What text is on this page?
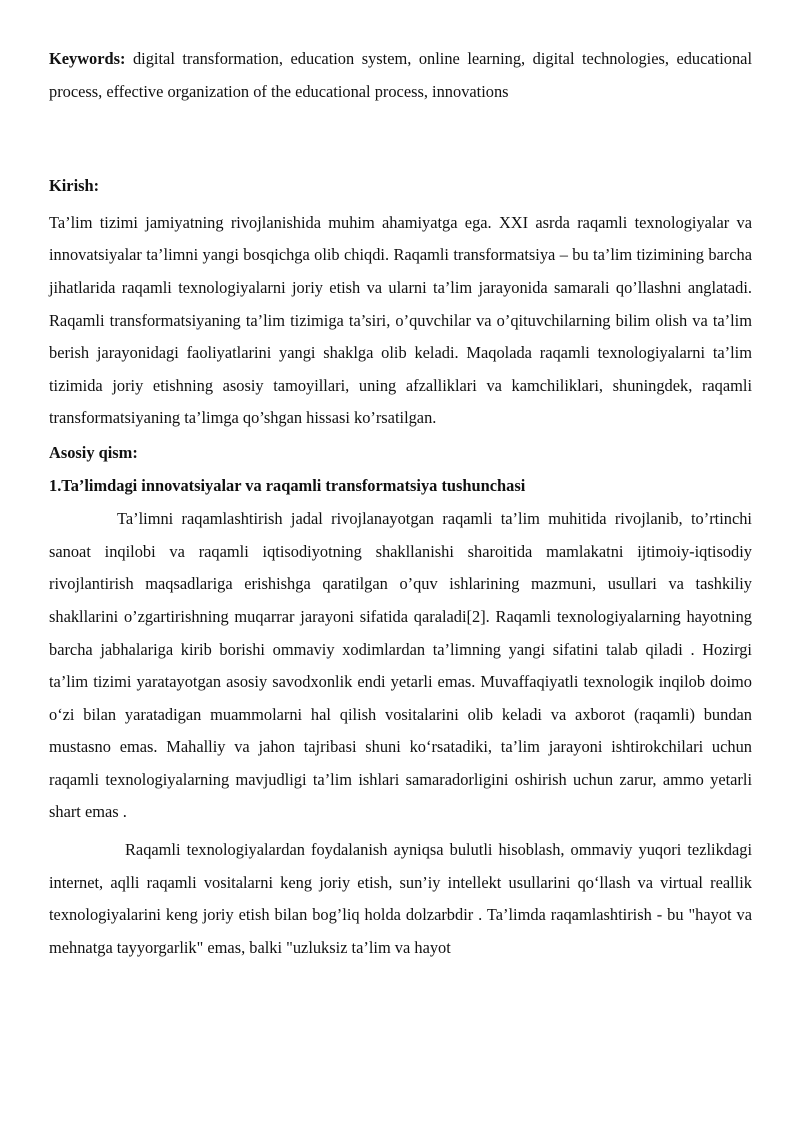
Keywords: digital transformation, education system, online learning, digital technologies, educational process, effective organization of the educational process, innovations

Kirish:

Ta’lim tizimi jamiyatning rivojlanishida muhim ahamiyatga ega. XXI asrda raqamli texnologiyalar va innovatsiyalar ta’limni yangi bosqichga olib chiqdi. Raqamli transformatsiya – bu ta’lim tizimining barcha jihatlarida raqamli texnologiyalarni joriy etish va ularni ta’lim jarayonida samarali qo’llashni anglatadi. Raqamli transformatsiyaning ta’lim tizimiga ta’siri, o’quvchilar va o’qituvchilarning bilim olish va ta’lim berish jarayonidagi faoliyatlarini yangi shaklga olib keladi. Maqolada raqamli texnologiyalarni ta’lim tizimida joriy etishning asosiy tamoyillari, uning afzalliklari va kamchiliklari, shuningdek, raqamli transformatsiyaning ta’limga qo’shgan hissasi ko’rsatilgan.

Asosiy qism:

1.Ta’limdagi innovatsiyalar va raqamli transformatsiya tushunchasi

Ta’limni raqamlashtirish jadal rivojlanayotgan raqamli ta’lim muhitida rivojlanib, to’rtinchi sanoat inqilobi va raqamli iqtisodiyotning shakllanishi sharoitida mamlakatni ijtimoiy-iqtisodiy rivojlantirish maqsadlariga erishishga qaratilgan o’quv ishlarining mazmuni, usullari va tashkiliy shakllarini o’zgartirishning muqarrar jarayoni sifatida qaraladi[2]. Raqamli texnologiyalarning hayotning barcha jabhalariga kirib borishi ommaviy xodimlardan ta’limning yangi sifatini talab qiladi . Hozirgi ta’lim tizimi yaratayotgan asosiy savodxonlik endi yetarli emas. Muvaffaqiyatli texnologik inqilob doimo o‘zi bilan yaratadigan muammolarni hal qilish vositalarini olib keladi va axborot (raqamli) bundan mustasno emas. Mahalliy va jahon tajribasi shuni ko‘rsatadiki, ta’lim jarayoni ishtirokchilari uchun raqamli texnologiyalarning mavjudligi ta’lim ishlari samaradorligini oshirish uchun zarur, ammo yetarli shart emas .

Raqamli texnologiyalardan foydalanish ayniqsa bulutli hisoblash, ommaviy yuqori tezlikdagi internet, aqlli raqamli vositalarni keng joriy etish, sun’iy intellekt usullarini qo‘llash va virtual reallik texnologiyalarini keng joriy etish bilan bog’liq holda dolzarbdir . Ta’limda raqamlashtirish - bu "hayot va mehnatga tayyorgarlik" emas, balki "uzluksiz ta’lim va hayot
